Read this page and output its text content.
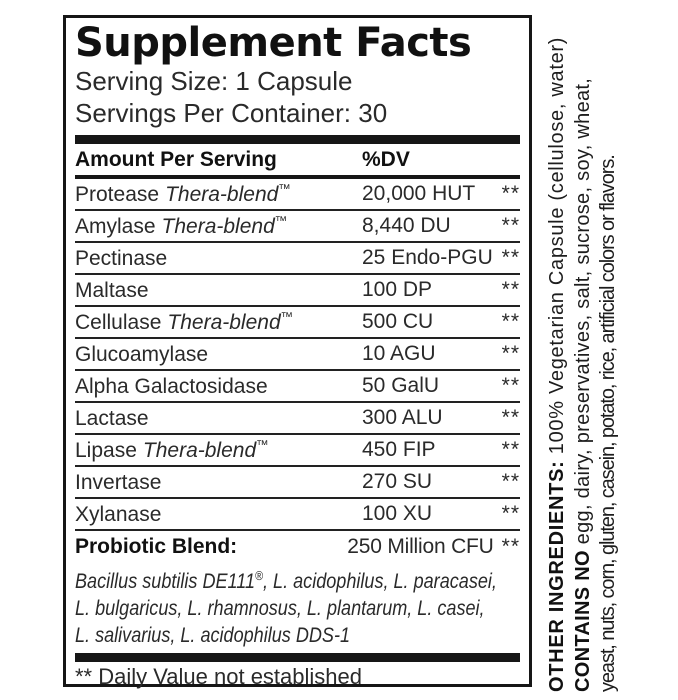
Supplement Facts
Serving Size: 1 Capsule
Servings Per Container: 30
Amount Per Serving	%DV
Protease Thera-blend™	20,000 HUT	**
Amylase Thera-blend™	8,440 DU	**
Pectinase	25 Endo-PGU **
Maltase	100 DP	**
Cellulase Thera-blend™	500 CU	**
Glucoamylase	10 AGU	**
Alpha Galactosidase	50 GalU	**
Lactase	300 ALU	**
Lipase Thera-blend™	450 FIP	**
Invertase	270 SU	**
Xylanase	100 XU	**
Probiotic Blend:	250 Million CFU **
Bacillus subtilis DE111®, L. acidophilus, L. paracasei,
L. bulgaricus, L. rhamnosus, L. plantarum, L. casei,
L. salivarius, L. acidophilus DDS-1
** Daily Value not established	OTHER INGREDIENTS: 100% Vegetarian Capsule (cellulose, water)
CONTAINS NO egg, dairy, preservatives, salt, sucrose, soy, wheat, yeast, nuts, corn, gluten, casein, potato, rice, artificial colors or flavors.
